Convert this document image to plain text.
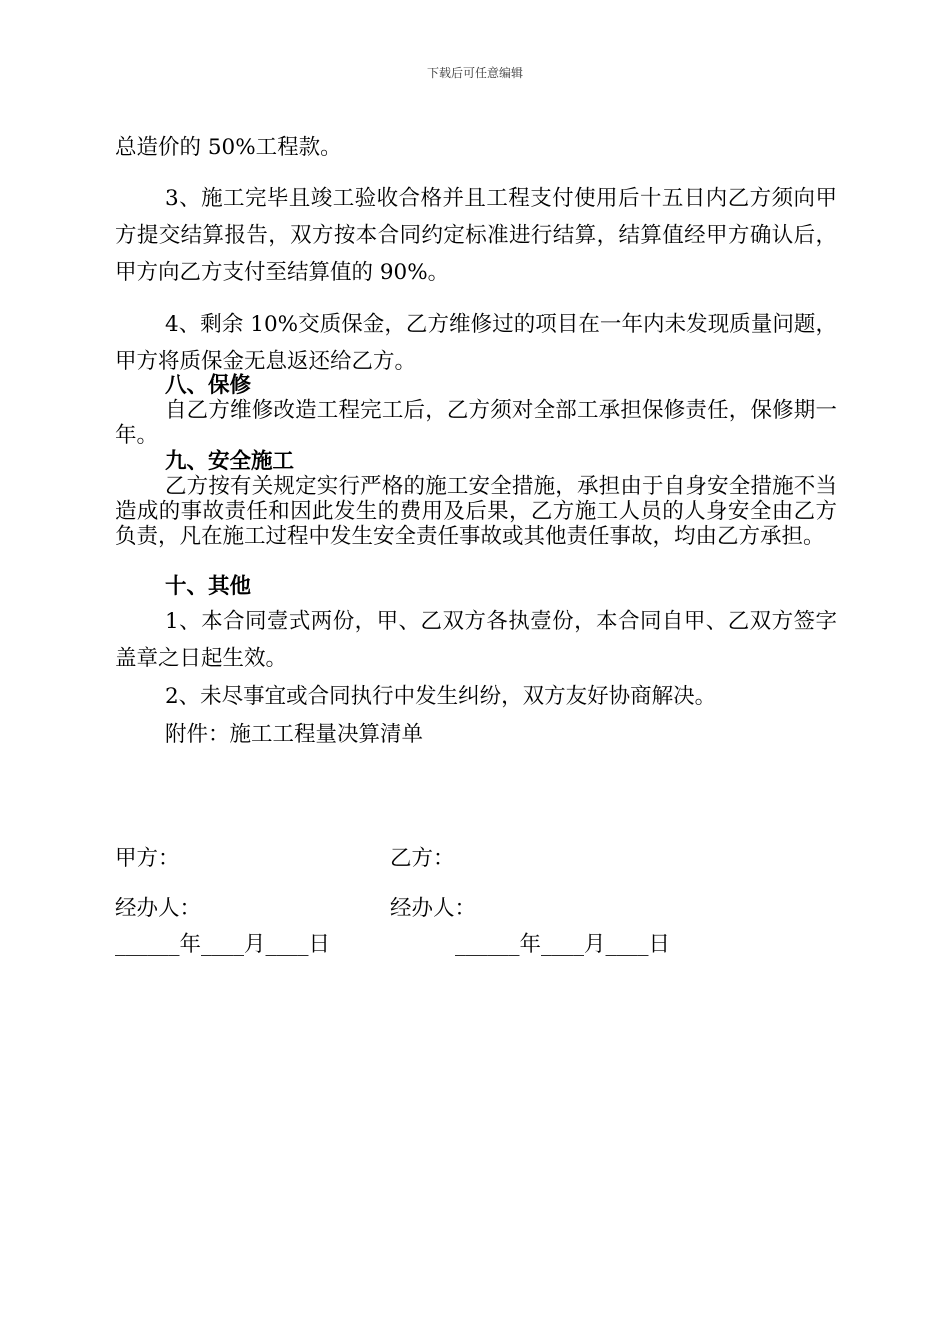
下载后可任意编辑

总造价的 50%工程款。

3、施工完毕且竣工验收合格并且工程支付使用后十五日内乙方须向甲方提交结算报告，双方按本合同约定标准进行结算，结算值经甲方确认后，甲方向乙方支付至结算值的 90%。

4、剩余 10%交质保金，乙方维修过的项目在一年内未发现质量问题，甲方将质保金无息返还给乙方。

八、保修

自乙方维修改造工程完工后，乙方须对全部工承担保修责任，保修期一年。

九、安全施工

乙方按有关规定实行严格的施工安全措施，承担由于自身安全措施不当造成的事故责任和因此发生的费用及后果，乙方施工人员的人身安全由乙方负责，凡在施工过程中发生安全责任事故或其他责任事故，均由乙方承担。

十、其他

1、本合同壹式两份，甲、乙双方各执壹份，本合同自甲、乙双方签字盖章之日起生效。

2、未尽事宜或合同执行中发生纠纷，双方友好协商解决。

附件：施工工程量决算清单

甲方：	乙方：
经办人：	经办人：
______年____月____日	______年____月____日
